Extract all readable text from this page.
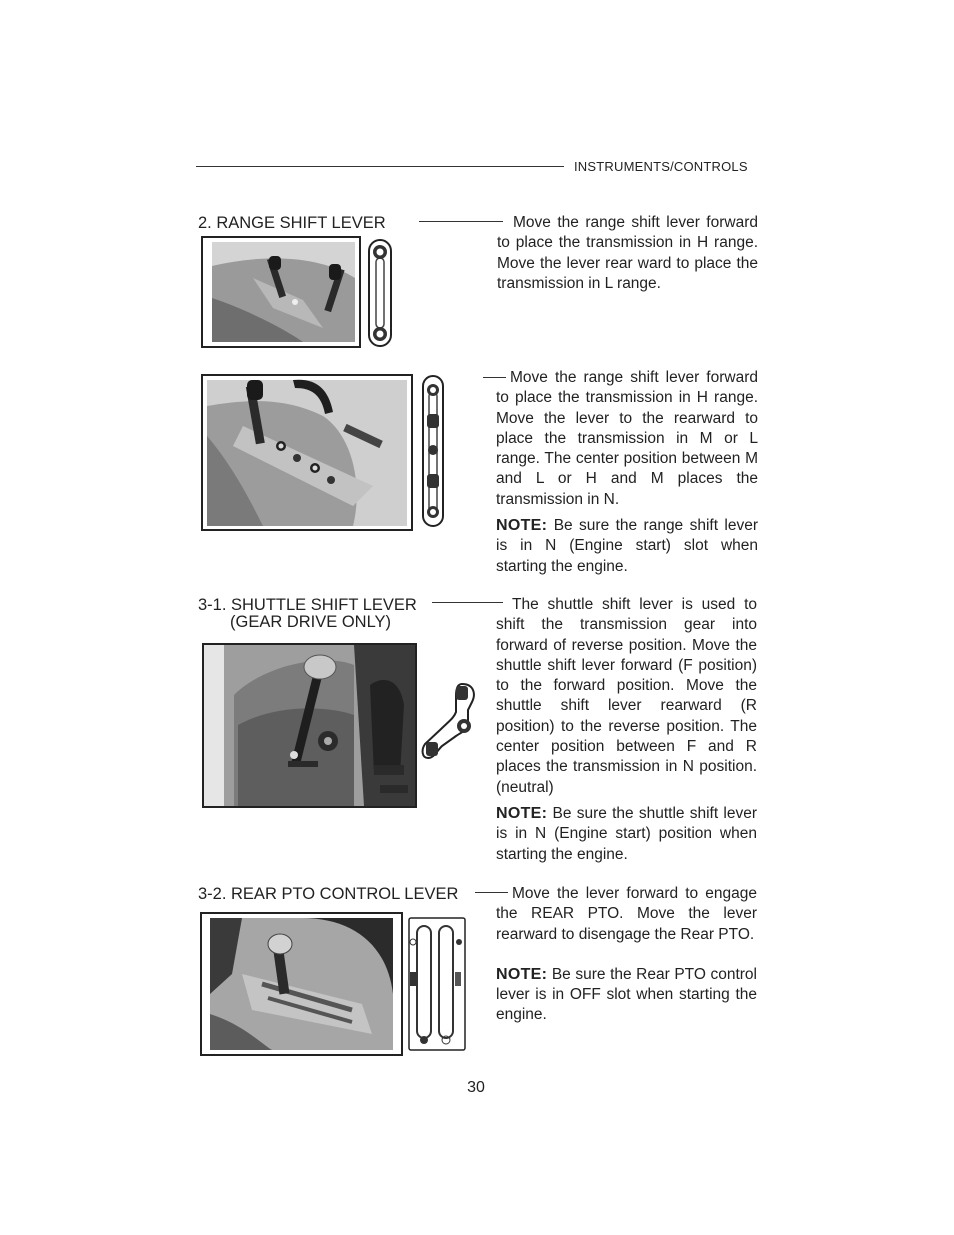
INSTRUMENTS/CONTROLS
2. RANGE SHIFT LEVER	Move the range shift lever forward to place the transmission in H range. Move the lever rear ward to place the transmission in L range.

Move the range shift lever forward to place the transmission in H range. Move the lever to the rearward to place the transmission in M or L range. The center position between M and L or H and M places the transmission in N.

NOTE: Be sure the range shift lever is in N (Engine start) slot when starting the engine.

3-1. SHUTTLE SHIFT LEVER
(GEAR DRIVE ONLY)

The shuttle shift lever is used to shift the transmission gear into forward of reverse position. Move the shuttle shift lever forward (F position) to the forward position. Move the shuttle shift lever rearward (R position) to the reverse position. The center position between F and R places the transmission in N position. (neutral)

NOTE: Be sure the shuttle shift lever is in N (Engine start) position when starting the engine.

3-2. REAR PTO CONTROL LEVER	Move the lever forward to engage the REAR PTO. Move the lever rearward to disengage the Rear PTO.

NOTE: Be sure the Rear PTO control lever is in OFF slot when starting the engine.

30
